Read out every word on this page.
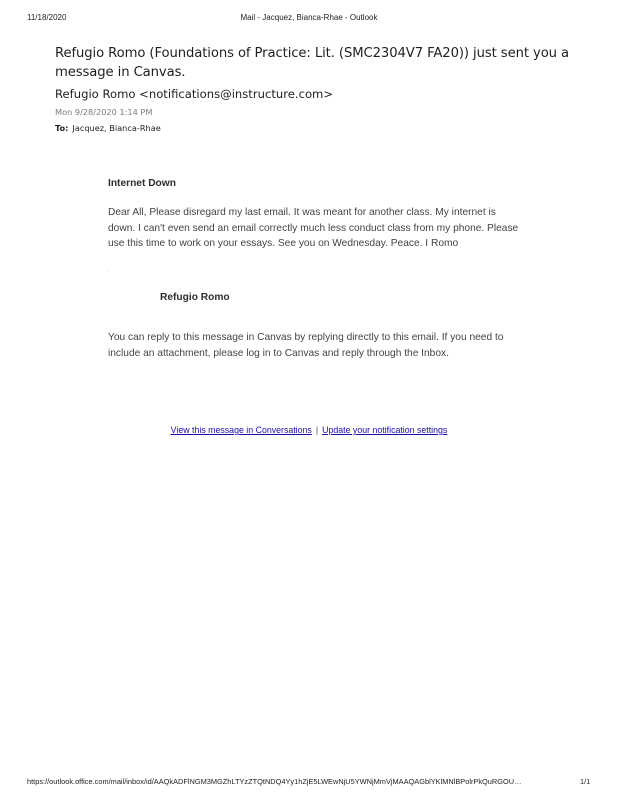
11/18/2020	Mail - Jacquez, Bianca-Rhae - Outlook
Refugio Romo (Foundations of Practice: Lit. (SMC2304V7 FA20)) just sent you a message in Canvas.
Refugio Romo <notifications@instructure.com>
Mon 9/28/2020 1:14 PM
To: Jacquez, Bianca-Rhae
Internet Down
Dear All, Please disregard my last email. It was meant for another class. My internet is down. I can't even send an email correctly much less conduct class from my phone. Please use this time to work on your essays. See you on Wednesday. Peace. I Romo
.
Refugio Romo
You can reply to this message in Canvas by replying directly to this email. If you need to include an attachment, please log in to Canvas and reply through the Inbox.
View this message in Conversations | Update your notification settings
https://outlook.office.com/mail/inbox/id/AAQkADFlNGM3MGZhLTYzZTQtNDQ4Yy1hZjE5LWEwNjU5YWNjMmVjMAAQAGblYKlMNlBPolrPkQuRGOU…	1/1
